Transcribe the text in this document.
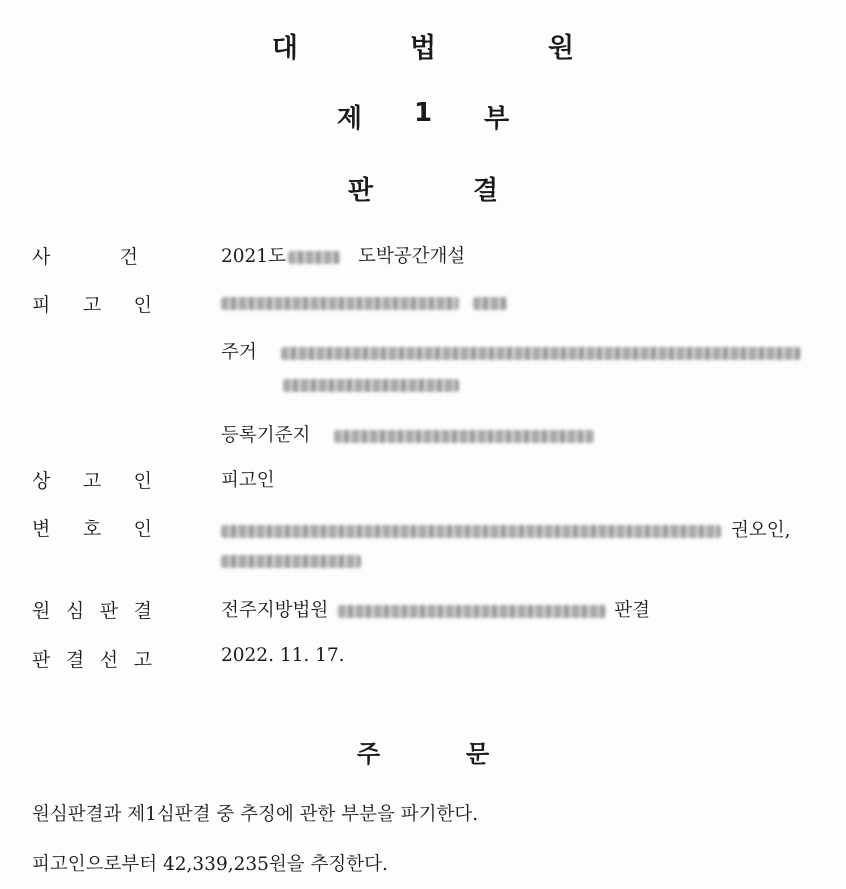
대	법	원
제 1 부
판	결
사	건	2021도	도박공간개설
피 고 인
주거
등록기준지
상 고 인	피고인
변 호 인	권오인,
원 심 판 결	전주지방법원	판결
판 결 선 고	2022. 11. 17.
주	문
원심판결과 제1심판결 중 추징에 관한 부분을 파기한다.
피고인으로부터 42,339,235원을 추징한다.
